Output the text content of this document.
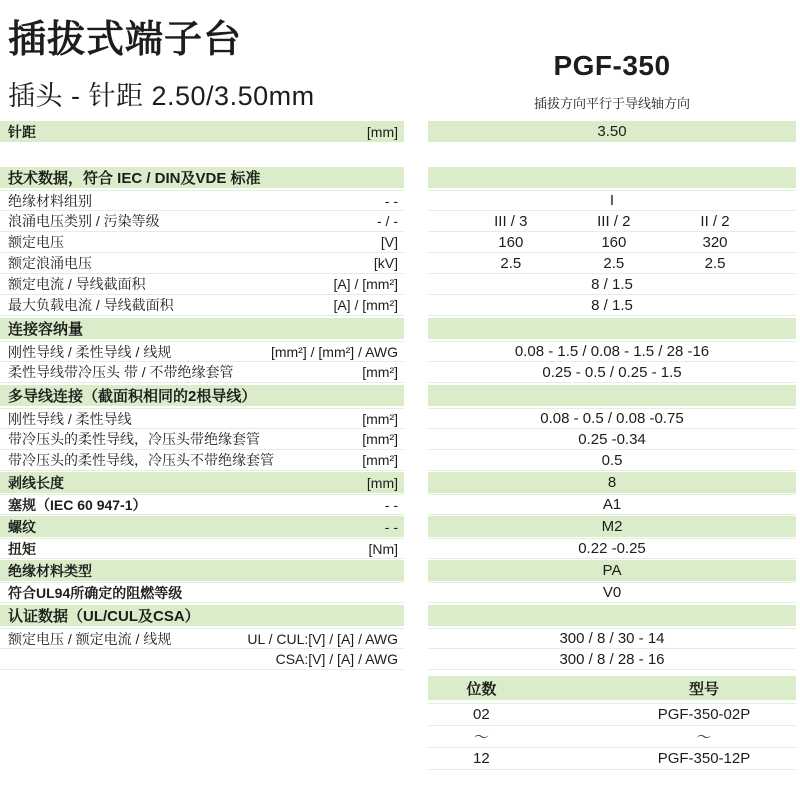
插拔式端子台
插头 - 针距 2.50/3.50mm
PGF-350
插拔方向平行于导线轴方向
针距	[mm]	3.50
技术数据，符合 IEC / DIN及VDE 标准
绝缘材料组别	- -	I
浪涌电压类别 / 污染等级	- / -	III / 3	III / 2	II / 2
额定电压	[V]	160	160	320
额定浪涌电压	[kV]	2.5	2.5	2.5
额定电流 / 导线截面积	[A] / [mm²]	8 / 1.5
最大负载电流 / 导线截面积	[A] / [mm²]	8 / 1.5
连接容纳量
刚性导线 / 柔性导线 / 线规	[mm²] / [mm²] / AWG	0.08 - 1.5 / 0.08 - 1.5 / 28 -16
柔性导线带冷压头 带 / 不带绝缘套管	[mm²]	0.25 - 0.5 / 0.25 - 1.5
多导线连接（截面积相同的2根导线）
刚性导线 / 柔性导线	[mm²]	0.08 - 0.5 / 0.08 -0.75
带冷压头的柔性导线，冷压头带绝缘套管	[mm²]	0.25 -0.34
带冷压头的柔性导线，冷压头不带绝缘套管	[mm²]	0.5
剥线长度	[mm]	8
塞规（IEC 60 947-1）	- -	A1
螺纹	- -	M2
扭矩	[Nm]	0.22 -0.25
绝缘材料类型	PA
符合UL94所确定的阻燃等级	V0
认证数据（UL/CUL及CSA）
额定电压 / 额定电流 / 线规	UL / CUL:[V] / [A] / AWG	300 / 8 / 30 - 14
CSA:[V] / [A] / AWG	300 / 8 / 28 - 16
位数	型号
02	PGF-350-02P
〜	〜
12	PGF-350-12P
